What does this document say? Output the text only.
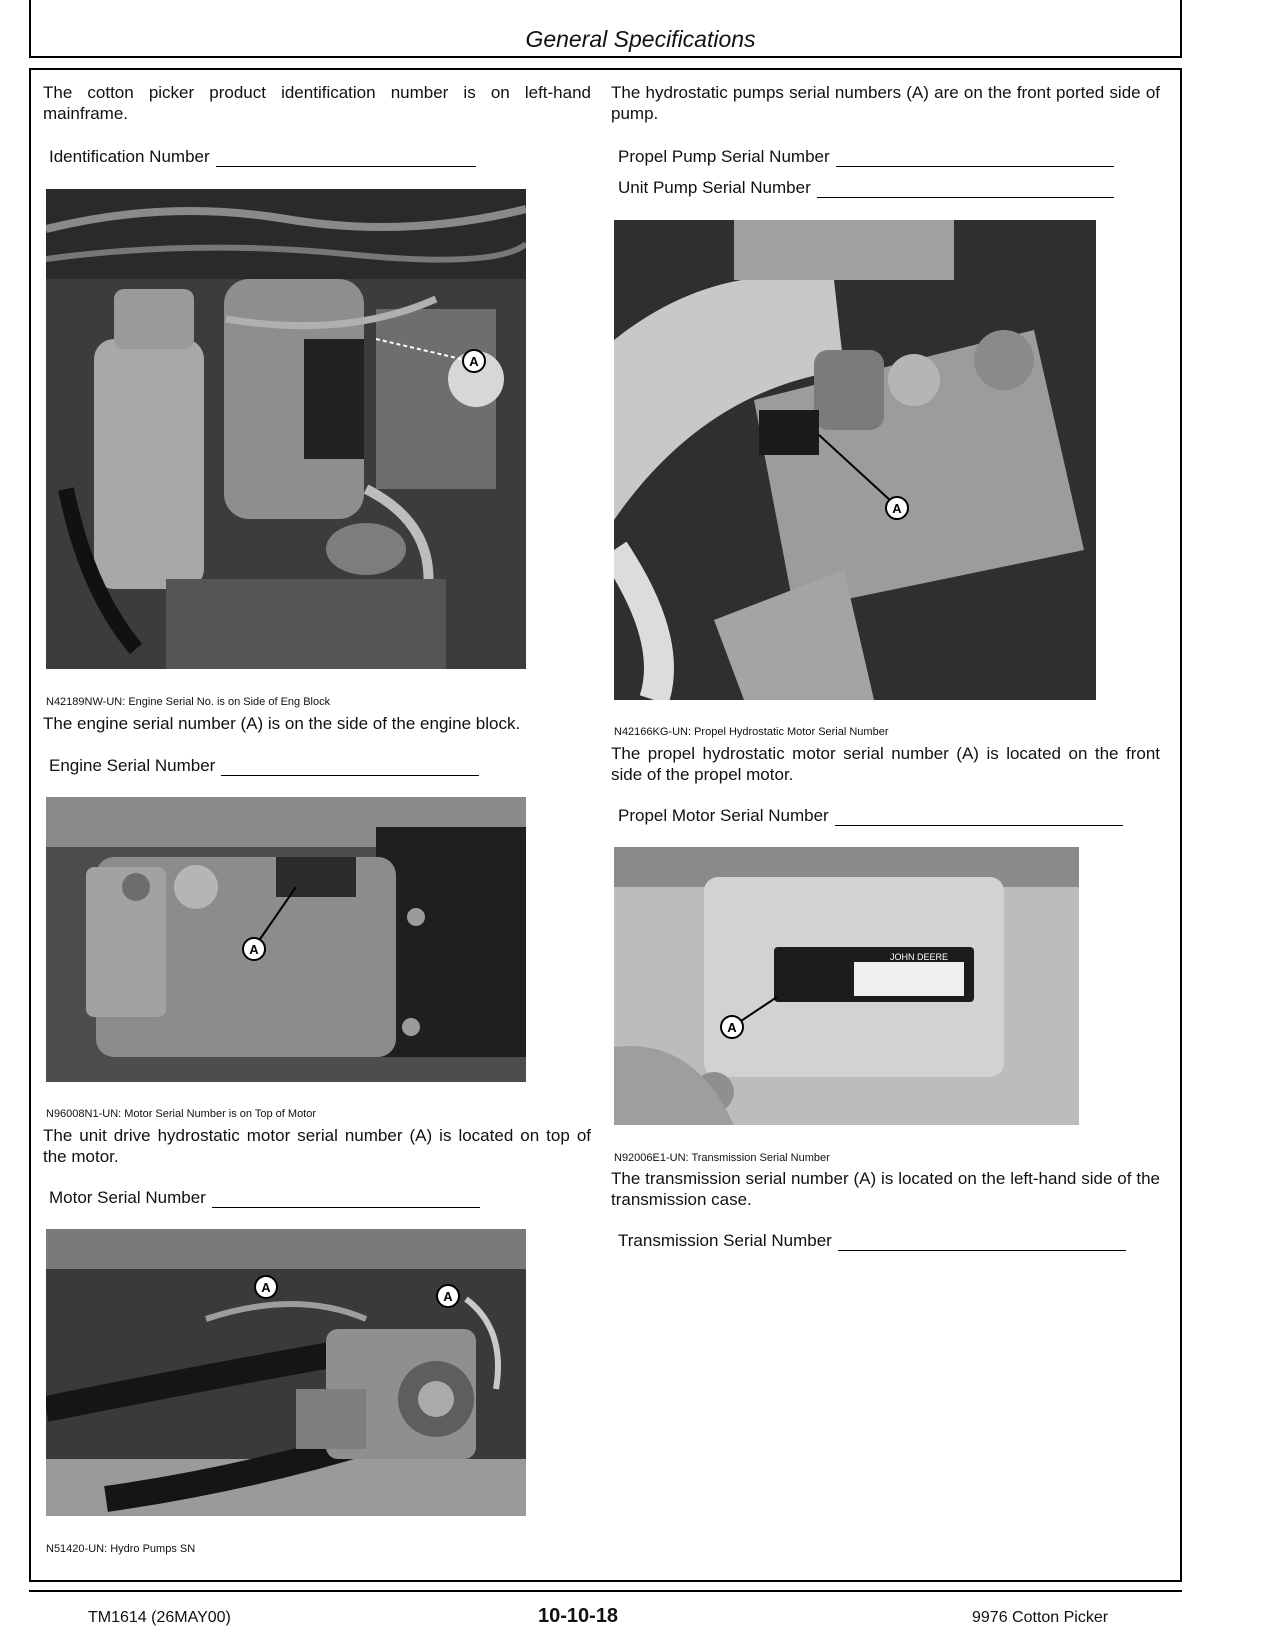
General Specifications
The cotton picker product identification number is on left-hand mainframe.
Identification Number
A
N42189NW-UN: Engine Serial No. is on Side of Eng Block
The engine serial number (A) is on the side of the engine block.
Engine Serial Number
A
N96008N1-UN: Motor Serial Number is on Top of Motor
The unit drive hydrostatic motor serial number (A) is located on top of the motor.
Motor Serial Number
A
A
N51420-UN: Hydro Pumps SN
The hydrostatic pumps serial numbers (A) are on the front ported side of pump.
Propel Pump Serial Number
Unit Pump Serial Number
A
N42166KG-UN: Propel Hydrostatic Motor Serial Number
The propel hydrostatic motor serial number (A) is located on the front side of the propel motor.
Propel Motor Serial Number
JOHN DEERE
A
N92006E1-UN: Transmission Serial Number
The transmission serial number (A) is located on the left-hand side of the transmission case.
Transmission Serial Number
TM1614 (26MAY00)	10-10-18	9976 Cotton Picker
